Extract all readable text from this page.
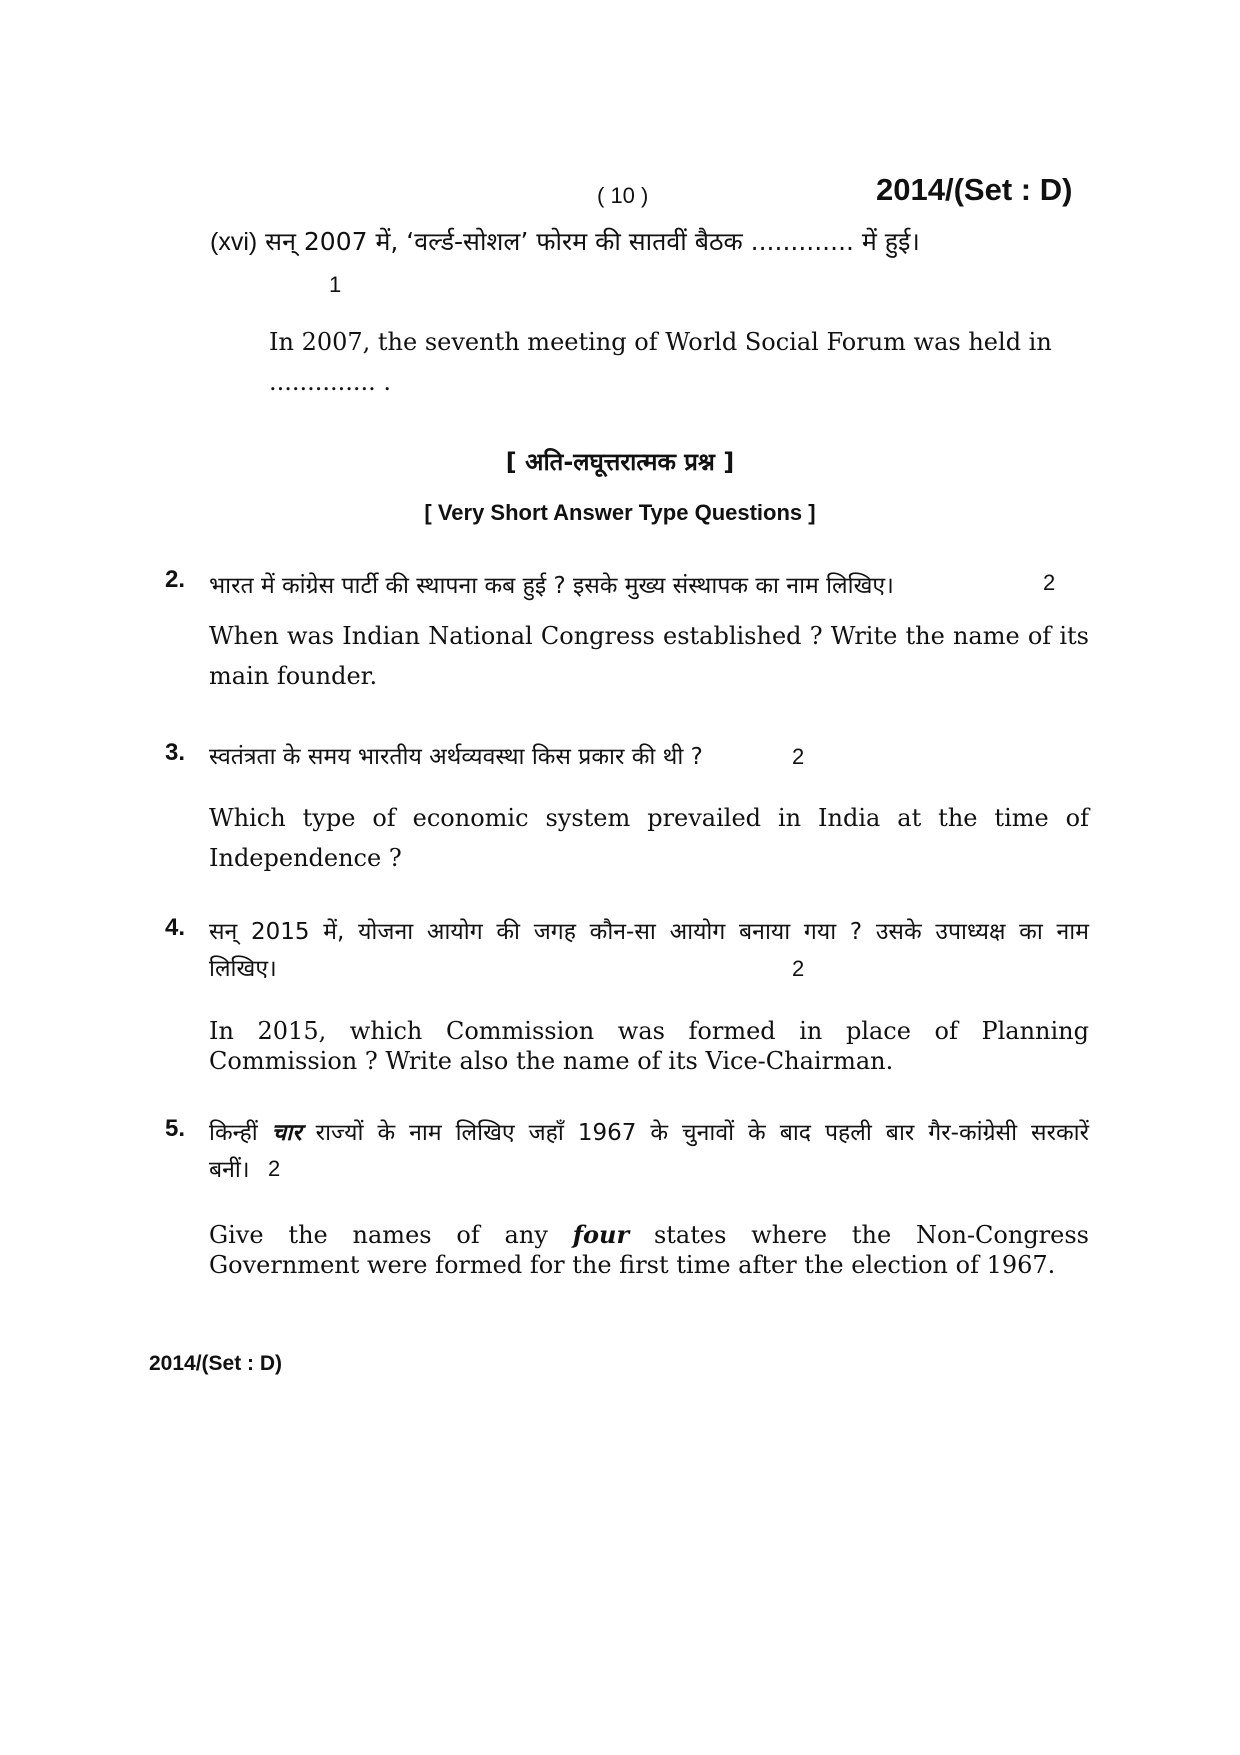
( 10 )	2014/(Set : D)
(xvi) सन् 2007 में, ‘वर्ल्ड-सोशल’ फोरम की सातवीं बैठक ............. में हुई।
1
In 2007, the seventh meeting of World Social Forum was held in
.............. .
[ अति-लघूत्तरात्मक प्रश्न ]
[ Very Short Answer Type Questions ]
2. भारत में कांग्रेस पार्टी की स्थापना कब हुई ? इसके मुख्य संस्थापक का नाम लिखिए।	2
When was Indian National Congress established ? Write the name of its main founder.
3. स्वतंत्रता के समय भारतीय अर्थव्यवस्था किस प्रकार की थी ?	2
Which type of economic system prevailed in India at the time of Independence ?
4. सन् 2015 में, योजना आयोग की जगह कौन-सा आयोग बनाया गया ? उसके उपाध्यक्ष का नाम
लिखिए।	2
In 2015, which Commission was formed in place of Planning Commission ? Write also the name of its Vice-Chairman.
5. किन्हीं चार राज्यों के नाम लिखिए जहाँ 1967 के चुनावों के बाद पहली बार गैर-कांग्रेसी सरकारें
बनीं। 2
Give the names of any four states where the Non-Congress Government were formed for the first time after the election of 1967.
2014/(Set : D)
